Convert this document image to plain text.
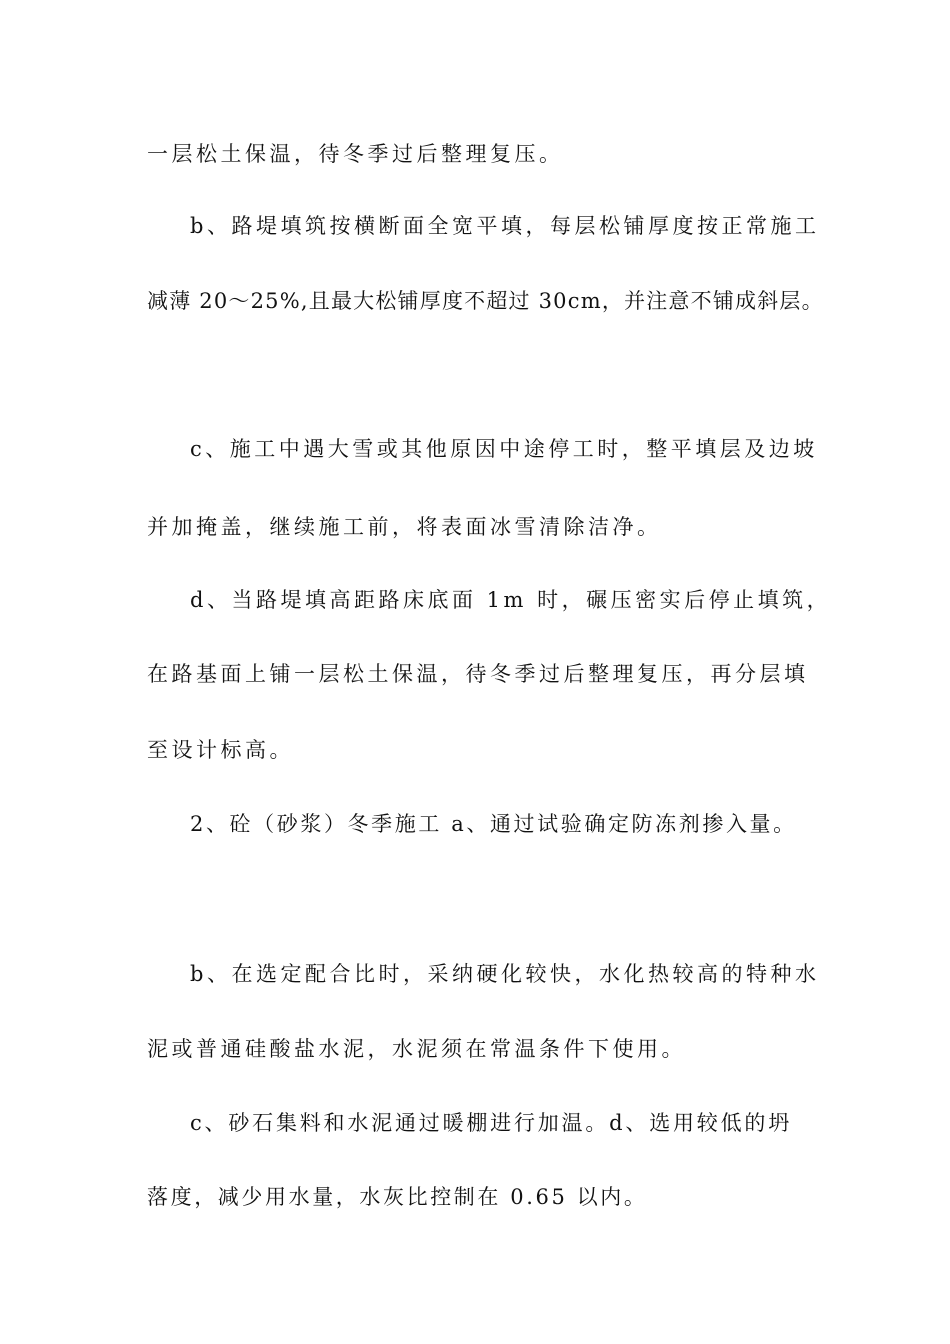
一层松土保温，待冬季过后整理复压。
b、路堤填筑按横断面全宽平填，每层松铺厚度按正常施工
减薄 20～25%,且最大松铺厚度不超过 30cm，并注意不铺成斜层。
c、施工中遇大雪或其他原因中途停工时，整平填层及边坡
并加掩盖，继续施工前，将表面冰雪清除洁净。
d、当路堤填高距路床底面 1m 时，碾压密实后停止填筑，
在路基面上铺一层松土保温，待冬季过后整理复压，再分层填
至设计标高。
2、砼（砂浆）冬季施工 a、通过试验确定防冻剂掺入量。
b、在选定配合比时，采纳硬化较快，水化热较高的特种水
泥或普通硅酸盐水泥，水泥须在常温条件下使用。
c、砂石集料和水泥通过暖棚进行加温。d、选用较低的坍
落度，减少用水量，水灰比控制在 0.65 以内。
